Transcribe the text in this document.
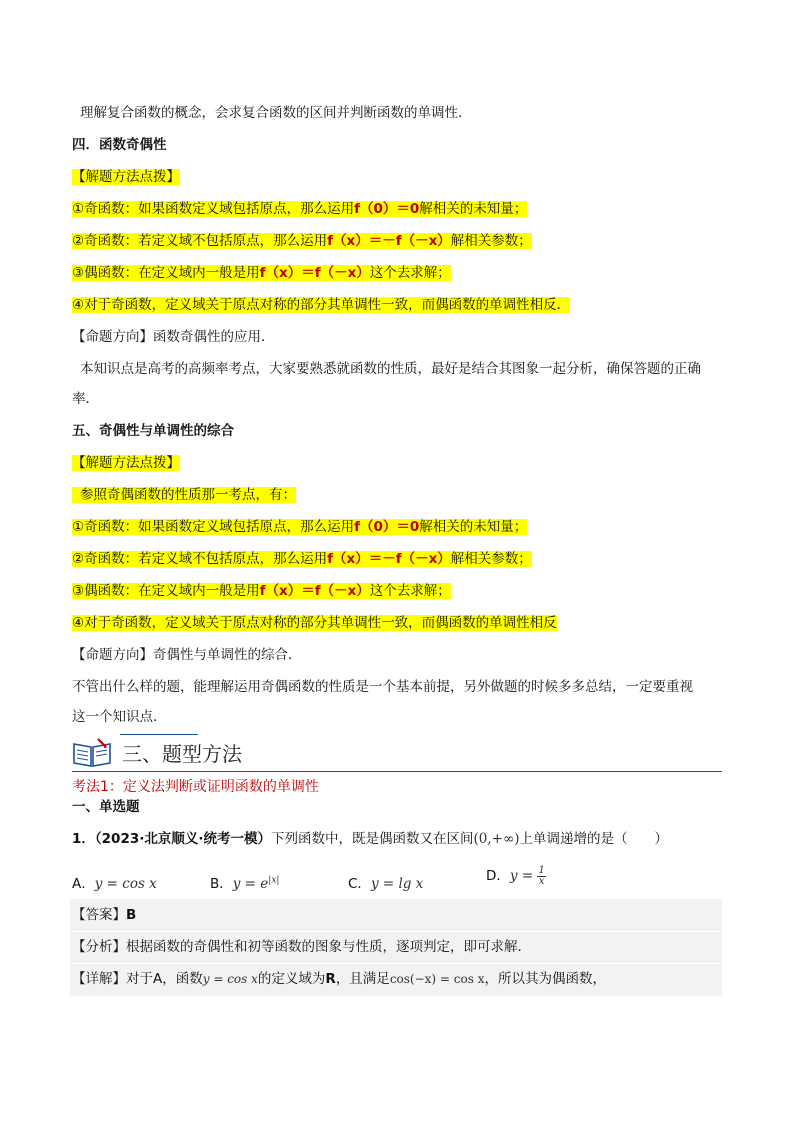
理解复合函数的概念，会求复合函数的区间并判断函数的单调性．
四．函数奇偶性
【解题方法点拨】
①奇函数：如果函数定义域包括原点，那么运用f（0）＝0解相关的未知量；
②奇函数：若定义域不包括原点，那么运用f（x）＝－f（－x）解相关参数；
③偶函数：在定义域内一般是用f（x）＝f（－x）这个去求解；
④对于奇函数，定义域关于原点对称的部分其单调性一致，而偶函数的单调性相反．
【命题方向】函数奇偶性的应用．
本知识点是高考的高频率考点，大家要熟悉就函数的性质，最好是结合其图象一起分析，确保答题的正确
率．
五、奇偶性与单调性的综合
【解题方法点拨】
参照奇偶函数的性质那一考点，有：
①奇函数：如果函数定义域包括原点，那么运用f（0）＝0解相关的未知量；
②奇函数：若定义域不包括原点，那么运用f（x）＝－f（－x）解相关参数；
③偶函数：在定义域内一般是用f（x）＝f（－x）这个去求解；
④对于奇函数，定义域关于原点对称的部分其单调性一致，而偶函数的单调性相反
【命题方向】奇偶性与单调性的综合．
不管出什么样的题，能理解运用奇偶函数的性质是一个基本前提，另外做题的时候多多总结，一定要重视
这一个知识点．
三、题型方法
考法1：定义法判断或证明函数的单调性
一、单选题
1．（2023·北京顺义·统考一模）下列函数中，既是偶函数又在区间(0,+∞)上单调递增的是（　　）
A．y = cos x	B．$y = e^{|x|}$	C．y = lg x	D．$y = \frac{1}{x}$
【答案】B
【分析】根据函数的奇偶性和初等函数的图象与性质，逐项判定，即可求解.
【详解】对于A，函数y = cos x的定义域为R，且满足cos(−x) = cos x，所以其为偶函数，
